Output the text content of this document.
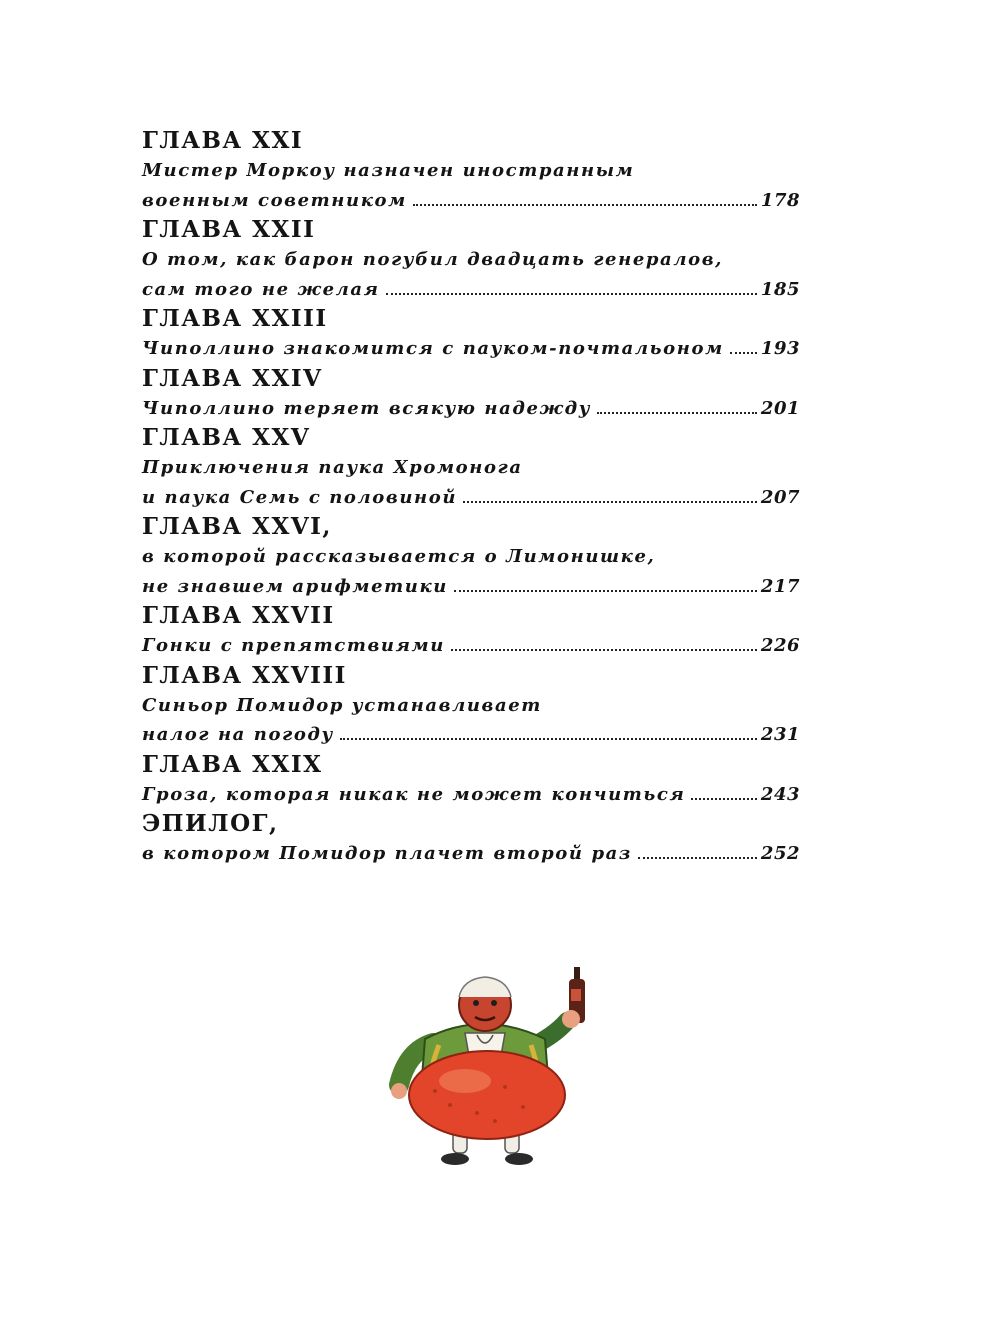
ГЛАВА XXI
Мистер Моркоу назначен иностранным
военным советником	178
ГЛАВА XXII
О том, как барон погубил двадцать генералов,
сам того не желая	185
ГЛАВА XXIII
Чиполлино знакомится с пауком-почтальоном 193
ГЛАВА XXIV
Чиполлино теряет всякую надежду	201
ГЛАВА XXV
Приключения паука Хромонога
и паука Семь с половиной	207
ГЛАВА XXVI,
в которой рассказывается о Лимонишке,
не знавшем арифметики	217
ГЛАВА XXVII
Гонки с препятствиями	226
ГЛАВА XXVIII
Синьор Помидор устанавливает
налог на погоду	231
ГЛАВА XXIX
Гроза, которая никак не может кончиться	243
ЭПИЛОГ,
в котором Помидор плачет второй раз	252
